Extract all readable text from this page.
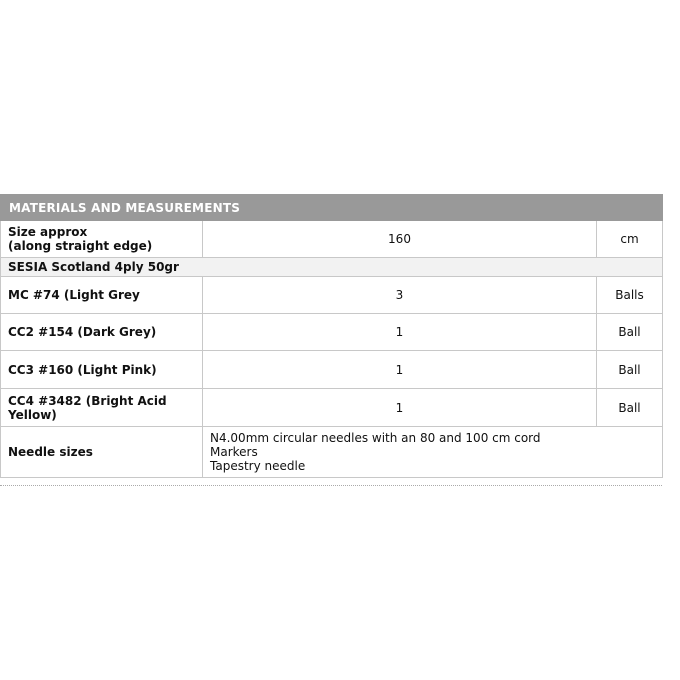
MATERIALS AND MEASUREMENTS		

Size approx
(along straight edge)	160	cm
SESIA Scotland 4ply 50gr		
MC #74 (Light Grey	3	Balls
CC2 #154 (Dark Grey)	1	Ball
CC3 #160 (Light Pink)	1	Ball
CC4 #3482 (Bright Acid Yellow)	1	Ball
Needle sizes	N4.00mm circular needles with an 80 and 100 cm cord
Markers
Tapestry needle	
